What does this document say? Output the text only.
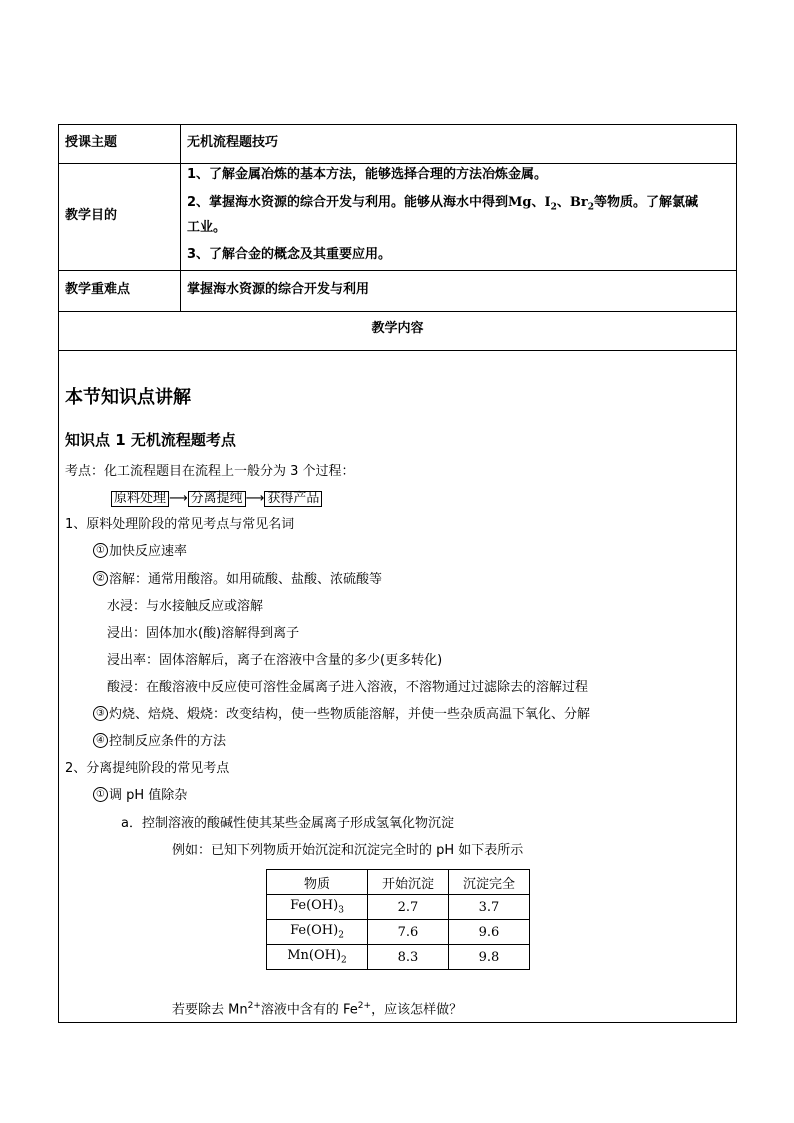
授课主题	无机流程题技巧
教学目的
1、了解金属冶炼的基本方法，能够选择合理的方法冶炼金属。
2、掌握海水资源的综合开发与利用。能够从海水中得到Mg、$I_2$、$Br_2$等物质。了解氯碱
工业。
3、了解合金的概念及其重要应用。
教学重难点	掌握海水资源的综合开发与利用
教学内容
本节知识点讲解
知识点 1 无机流程题考点
考点：化工流程题目在流程上一般分为 3 个过程：
原料处理 ⟶ 分离提纯 ⟶ 获得产品
1、原料处理阶段的常见考点与常见名词
① 加快反应速率
② 溶解：通常用酸溶。如用硫酸、盐酸、浓硫酸等
水浸：与水接触反应或溶解
浸出：固体加水(酸)溶解得到离子
浸出率：固体溶解后，离子在溶液中含量的多少(更多转化)
酸浸：在酸溶液中反应使可溶性金属离子进入溶液，不溶物通过过滤除去的溶解过程
③ 灼烧、焙烧、煅烧：改变结构，使一些物质能溶解，并使一些杂质高温下氧化、分解
④ 控制反应条件的方法
2、分离提纯阶段的常见考点
① 调 pH 值除杂
a．控制溶液的酸碱性使其某些金属离子形成氢氧化物沉淀
例如：已知下列物质开始沉淀和沉淀完全时的 pH 如下表所示
物质	开始沉淀	沉淀完全
$Fe(OH)_3$	2.7	3.7
$Fe(OH)_2$	7.6	9.6
$Mn(OH)_2$	8.3	9.8
若要除去 $Mn^{2+}$溶液中含有的 $Fe^{2+}$，应该怎样做？
